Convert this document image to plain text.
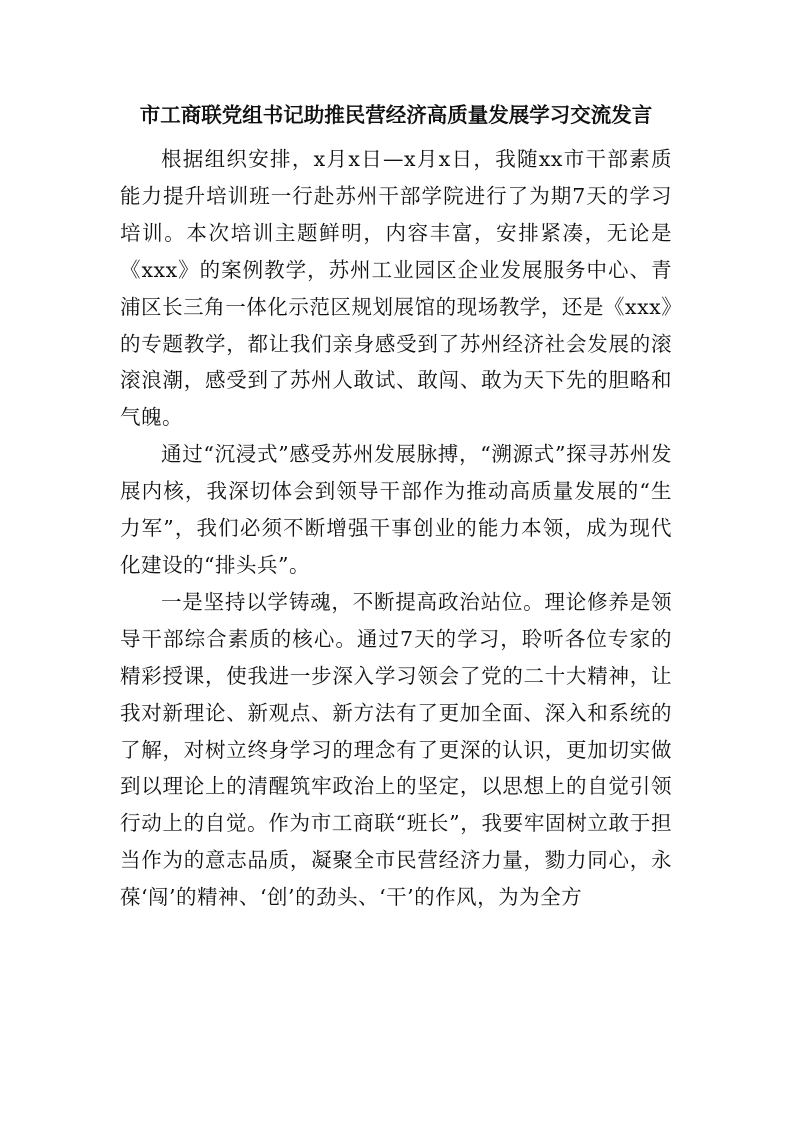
市工商联党组书记助推民营经济高质量发展学习交流发言

根据组织安排，x月x日—x月x日，我随xx市干部素质能力提升培训班一行赴苏州干部学院进行了为期7天的学习培训。本次培训主题鲜明，内容丰富，安排紧凑，无论是《xxx》的案例教学，苏州工业园区企业发展服务中心、青浦区长三角一体化示范区规划展馆的现场教学，还是《xxx》的专题教学，都让我们亲身感受到了苏州经济社会发展的滚滚浪潮，感受到了苏州人敢试、敢闯、敢为天下先的胆略和气魄。

通过“沉浸式”感受苏州发展脉搏，“溯源式”探寻苏州发展内核，我深切体会到领导干部作为推动高质量发展的“生力军”，我们必须不断增强干事创业的能力本领，成为现代化建设的“排头兵”。

一是坚持以学铸魂，不断提高政治站位。理论修养是领导干部综合素质的核心。通过7天的学习，聆听各位专家的精彩授课，使我进一步深入学习领会了党的二十大精神，让我对新理论、新观点、新方法有了更加全面、深入和系统的了解，对树立终身学习的理念有了更深的认识，更加切实做到以理论上的清醒筑牢政治上的坚定，以思想上的自觉引领行动上的自觉。作为市工商联“班长”，我要牢固树立敢于担当作为的意志品质，凝聚全市民营经济力量，勠力同心，永葆‘闯’的精神、‘创’的劲头、‘干’的作风，为为全方
